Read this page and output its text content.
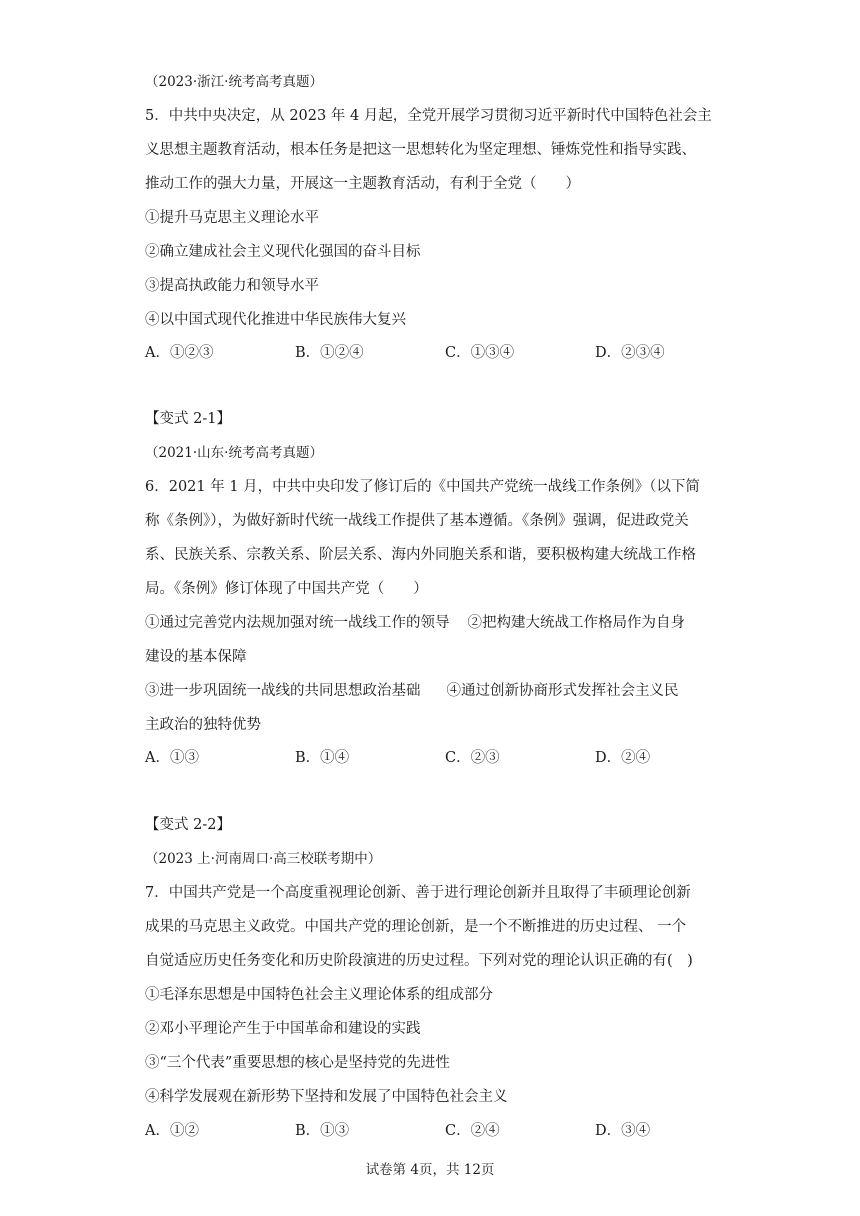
（2023·浙江·统考高考真题）
5．中共中央决定，从 2023 年 4 月起，全党开展学习贯彻习近平新时代中国特色社会主
义思想主题教育活动，根本任务是把这一思想转化为坚定理想、锤炼党性和指导实践、
推动工作的强大力量，开展这一主题教育活动，有利于全党（　　）
①提升马克思主义理论水平
②确立建成社会主义现代化强国的奋斗目标
③提高执政能力和领导水平
④以中国式现代化推进中华民族伟大复兴
A．①②③	B．①②④	C．①③④	D．②③④
【变式 2-1】
（2021·山东·统考高考真题）
6．2021 年 1 月，中共中央印发了修订后的《中国共产党统一战线工作条例》（以下简
称《条例》），为做好新时代统一战线工作提供了基本遵循。《条例》强调，促进政党关
系、民族关系、宗教关系、阶层关系、海内外同胞关系和谐，要积极构建大统战工作格
局。《条例》修订体现了中国共产党（　　）
①通过完善党内法规加强对统一战线工作的领导 ②把构建大统战工作格局作为自身
建设的基本保障
③进一步巩固统一战线的共同思想政治基础 ④通过创新协商形式发挥社会主义民
主政治的独特优势
A．①③	B．①④	C．②③	D．②④
【变式 2-2】
（2023 上·河南周口·高三校联考期中）
7．中国共产党是一个高度重视理论创新、善于进行理论创新并且取得了丰硕理论创新
成果的马克思主义政党。中国共产党的理论创新，是一个不断推进的历史过程、 一个
自觉适应历史任务变化和历史阶段演进的历史过程。下列对党的理论认识正确的有(　)
①毛泽东思想是中国特色社会主义理论体系的组成部分
②邓小平理论产生于中国革命和建设的实践
③“三个代表”重要思想的核心是坚持党的先进性
④科学发展观在新形势下坚持和发展了中国特色社会主义
A．①②	B．①③	C．②④	D．③④
试卷第 4页，共 12页
